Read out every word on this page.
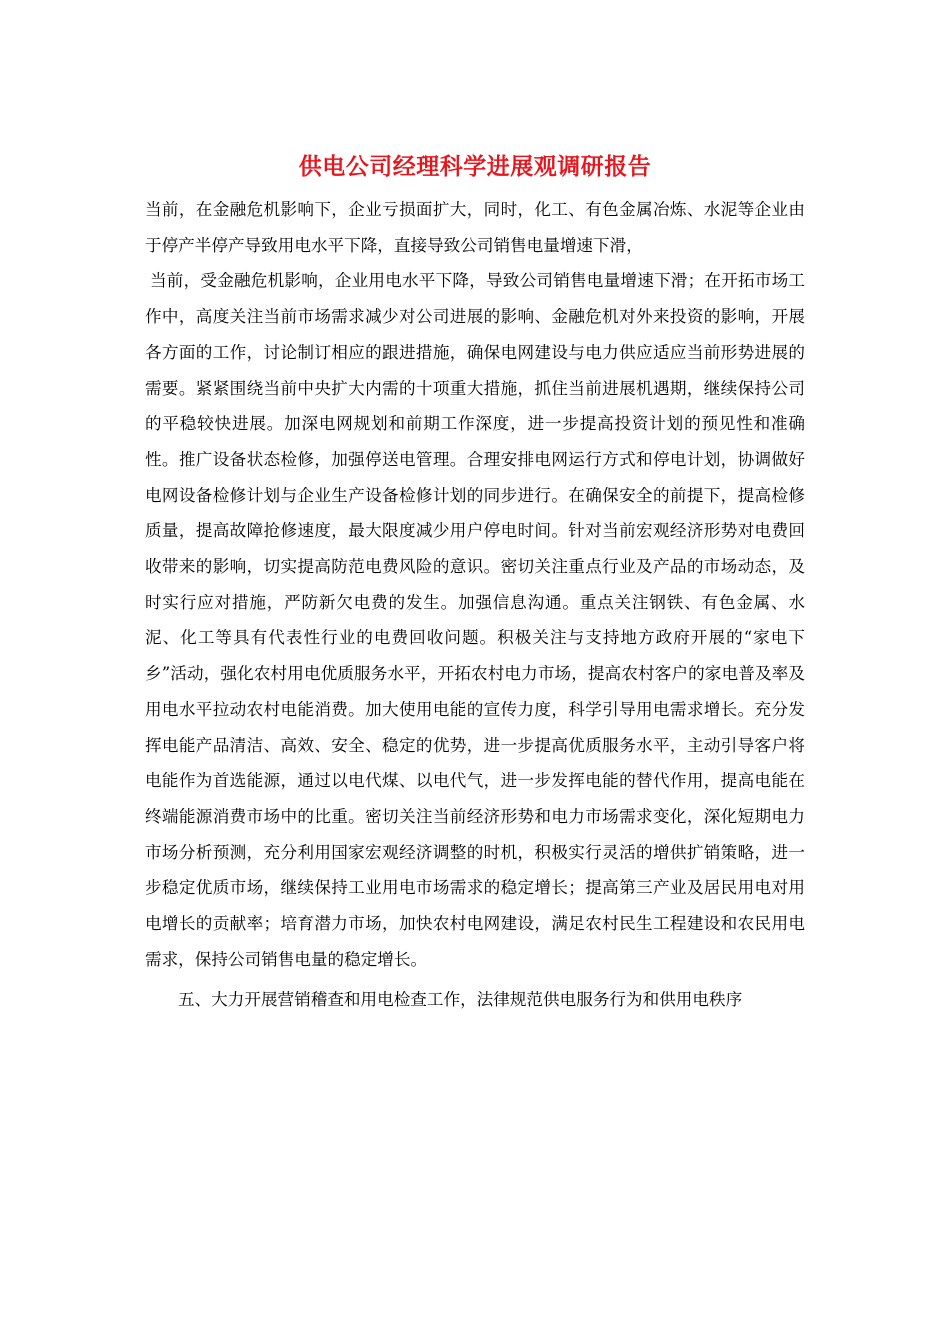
供电公司经理科学进展观调研报告

当前，在金融危机影响下，企业亏损面扩大，同时，化工、有色金属冶炼、水泥等企业由于停产半停产导致用电水平下降，直接导致公司销售电量增速下滑，

当前，受金融危机影响，企业用电水平下降，导致公司销售电量增速下滑；在开拓市场工作中，高度关注当前市场需求减少对公司进展的影响、金融危机对外来投资的影响，开展各方面的工作，讨论制订相应的跟进措施，确保电网建设与电力供应适应当前形势进展的需要。紧紧围绕当前中央扩大内需的十项重大措施，抓住当前进展机遇期，继续保持公司的平稳较快进展。加深电网规划和前期工作深度，进一步提高投资计划的预见性和准确性。推广设备状态检修，加强停送电管理。合理安排电网运行方式和停电计划，协调做好电网设备检修计划与企业生产设备检修计划的同步进行。在确保安全的前提下，提高检修质量，提高故障抢修速度，最大限度减少用户停电时间。针对当前宏观经济形势对电费回收带来的影响，切实提高防范电费风险的意识。密切关注重点行业及产品的市场动态，及时实行应对措施，严防新欠电费的发生。加强信息沟通。重点关注钢铁、有色金属、水泥、化工等具有代表性行业的电费回收问题。积极关注与支持地方政府开展的“家电下乡”活动，强化农村用电优质服务水平，开拓农村电力市场，提高农村客户的家电普及率及用电水平拉动农村电能消费。加大使用电能的宣传力度，科学引导用电需求增长。充分发挥电能产品清洁、高效、安全、稳定的优势，进一步提高优质服务水平，主动引导客户将电能作为首选能源，通过以电代煤、以电代气，进一步发挥电能的替代作用，提高电能在终端能源消费市场中的比重。密切关注当前经济形势和电力市场需求变化，深化短期电力市场分析预测，充分利用国家宏观经济调整的时机，积极实行灵活的增供扩销策略，进一步稳定优质市场，继续保持工业用电市场需求的稳定增长；提高第三产业及居民用电对用电增长的贡献率；培育潜力市场，加快农村电网建设，满足农村民生工程建设和农民用电需求，保持公司销售电量的稳定增长。

五、大力开展营销稽查和用电检查工作，法律规范供电服务行为和供用电秩序
